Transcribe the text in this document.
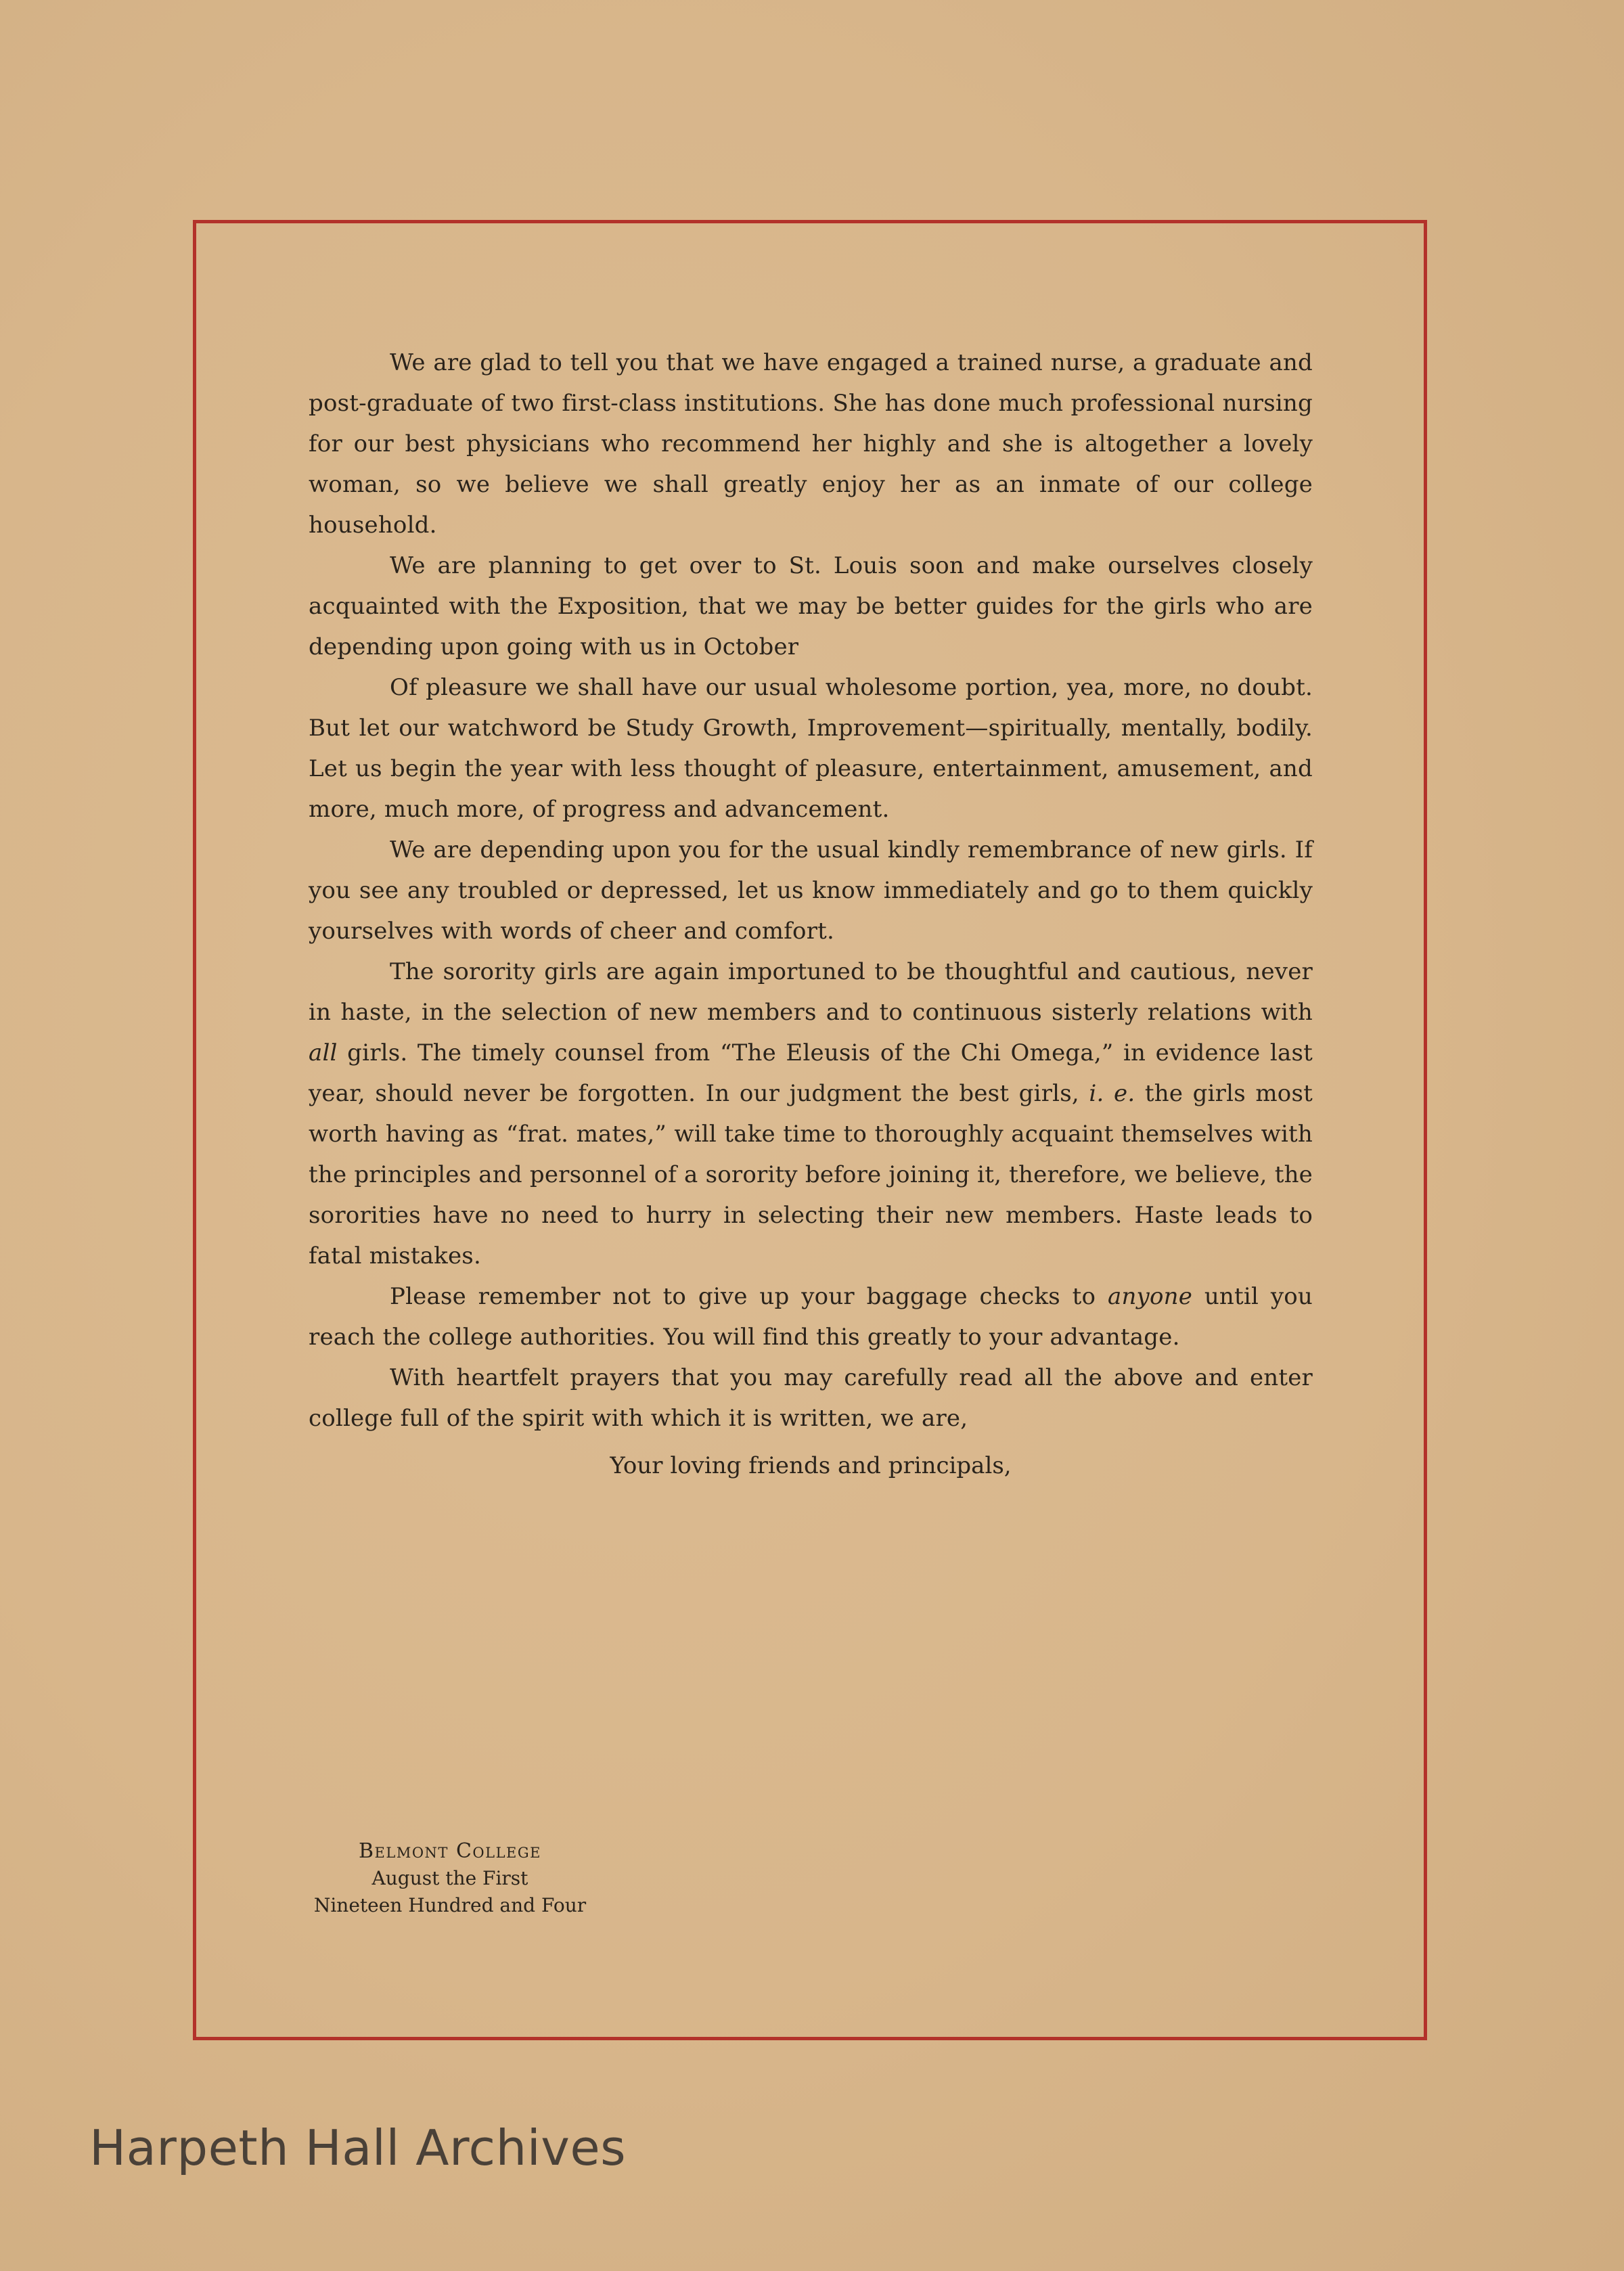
We are glad to tell you that we have engaged a trained nurse, a graduate and post-graduate of two first-class institutions. She has done much professional nursing for our best physicians who recommend her highly and she is altogether a lovely woman, so we believe we shall greatly enjoy her as an inmate of our college household.

We are planning to get over to St. Louis soon and make ourselves closely acquainted with the Exposition, that we may be better guides for the girls who are depending upon going with us in October

Of pleasure we shall have our usual wholesome portion, yea, more, no doubt. But let our watchword be Study Growth, Improvement—spiritually, mentally, bodily. Let us begin the year with less thought of pleasure, entertainment, amusement, and more, much more, of progress and advancement.

We are depending upon you for the usual kindly remembrance of new girls. If you see any troubled or depressed, let us know immediately and go to them quickly yourselves with words of cheer and comfort.

The sorority girls are again importuned to be thoughtful and cautious, never in haste, in the selection of new members and to continuous sisterly relations with all girls. The timely counsel from “The Eleusis of the Chi Omega,” in evidence last year, should never be forgotten. In our judgment the best girls, i. e. the girls most worth having as “frat. mates,” will take time to thoroughly acquaint themselves with the principles and personnel of a sorority before joining it, therefore, we believe, the sororities have no need to hurry in selecting their new members. Haste leads to fatal mistakes.

Please remember not to give up your baggage checks to anyone until you reach the college authorities. You will find this greatly to your advantage.

With heartfelt prayers that you may carefully read all the above and enter college full of the spirit with which it is written, we are,

Your loving friends and principals,
Belmont College
August the First
Nineteen Hundred and Four
Harpeth Hall Archives
